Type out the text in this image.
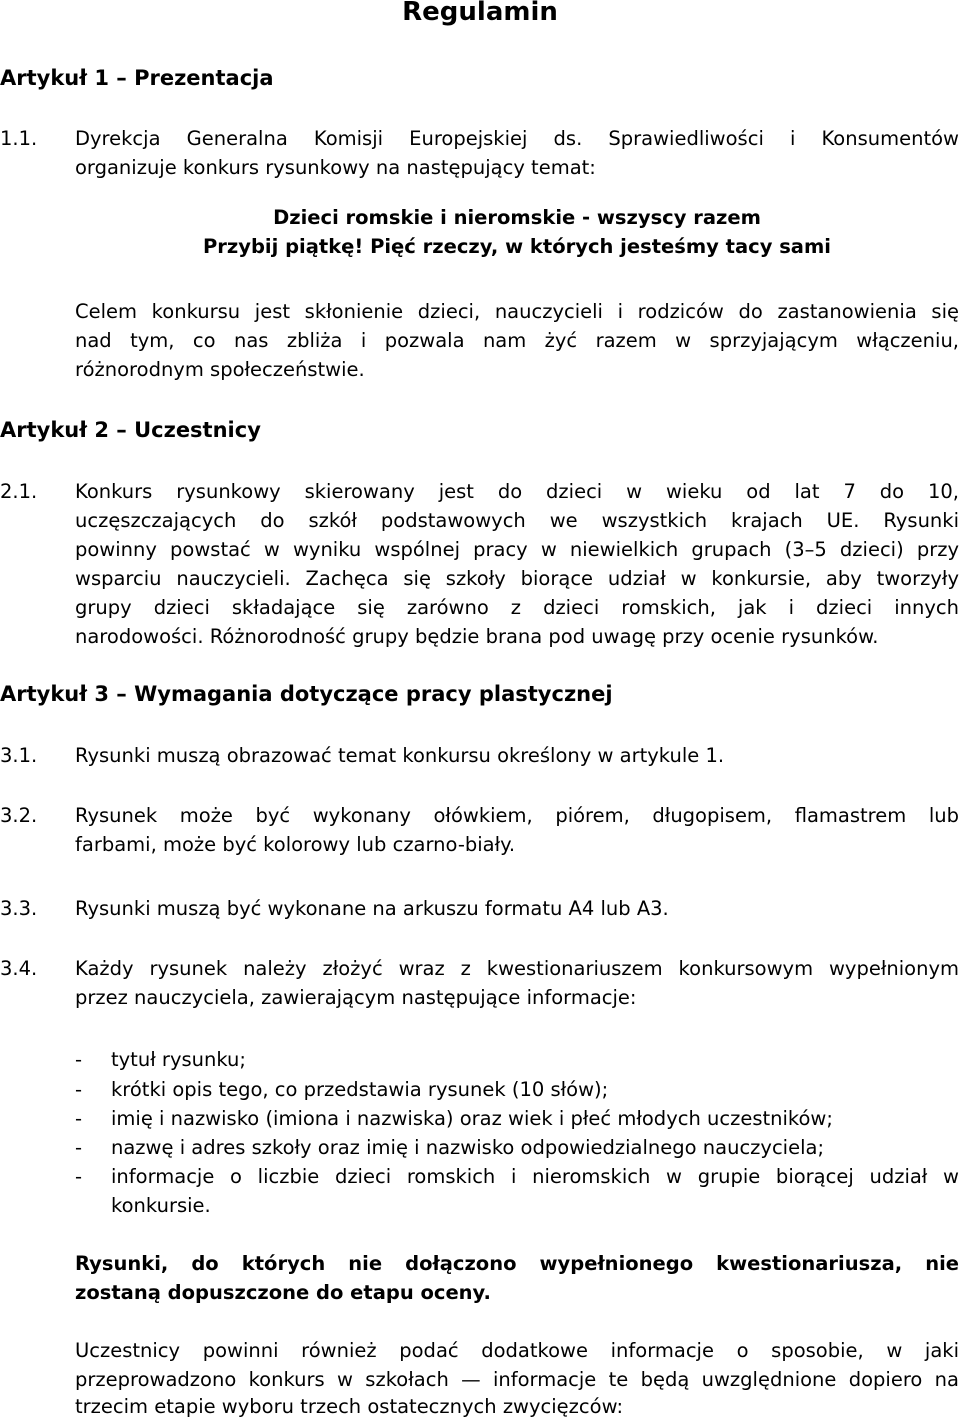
Regulamin
Artykuł 1 – Prezentacja
1.1. Dyrekcja Generalna Komisji Europejskiej ds. Sprawiedliwości i Konsumentów
organizuje konkurs rysunkowy na następujący temat:
Dzieci romskie i nieromskie - wszyscy razem
Przybij piątkę! Pięć rzeczy, w których jesteśmy tacy sami
Celem konkursu jest skłonienie dzieci, nauczycieli i rodziców do zastanowienia się
nad tym, co nas zbliża i pozwala nam żyć razem w sprzyjającym włączeniu,
różnorodnym społeczeństwie.
Artykuł 2 – Uczestnicy
2.1. Konkurs rysunkowy skierowany jest do dzieci w wieku od lat 7 do 10,
uczęszczających do szkół podstawowych we wszystkich krajach UE. Rysunki
powinny powstać w wyniku wspólnej pracy w niewielkich grupach (3–5 dzieci) przy
wsparciu nauczycieli. Zachęca się szkoły biorące udział w konkursie, aby tworzyły
grupy dzieci składające się zarówno z dzieci romskich, jak i dzieci innych
narodowości. Różnorodność grupy będzie brana pod uwagę przy ocenie rysunków.
Artykuł 3 – Wymagania dotyczące pracy plastycznej
3.1. Rysunki muszą obrazować temat konkursu określony w artykule 1.
3.2. Rysunek może być wykonany ołówkiem, piórem, długopisem, flamastrem lub
farbami, może być kolorowy lub czarno-biały.
3.3. Rysunki muszą być wykonane na arkuszu formatu A4 lub A3.
3.4. Każdy rysunek należy złożyć wraz z kwestionariuszem konkursowym wypełnionym
przez nauczyciela, zawierającym następujące informacje:
- tytuł rysunku;
- krótki opis tego, co przedstawia rysunek (10 słów);
- imię i nazwisko (imiona i nazwiska) oraz wiek i płeć młodych uczestników;
- nazwę i adres szkoły oraz imię i nazwisko odpowiedzialnego nauczyciela;
- informacje o liczbie dzieci romskich i nieromskich w grupie biorącej udział w
konkursie.
Rysunki, do których nie dołączono wypełnionego kwestionariusza, nie
zostaną dopuszczone do etapu oceny.
Uczestnicy powinni również podać dodatkowe informacje o sposobie, w jaki
przeprowadzono konkurs w szkołach — informacje te będą uwzględnione dopiero na
trzecim etapie wyboru trzech ostatecznych zwycięzców:
